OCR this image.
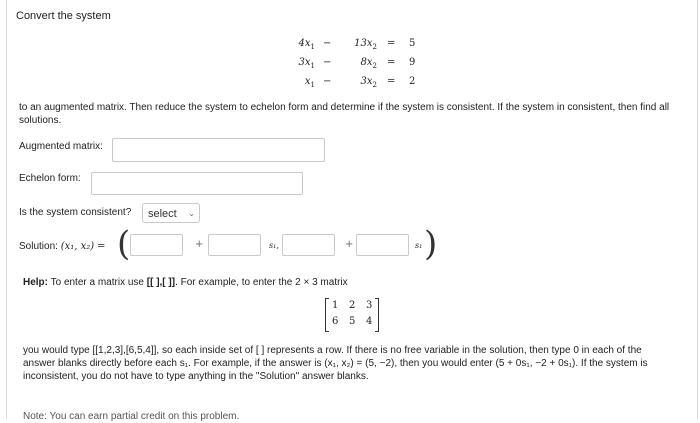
Convert the system
$4x_1 - 13x_2 = 5$
$3x_1$ −	$8x_2 = 9$
$x_1$ −	$3x_2 = 2$
to an augmented matrix. Then reduce the system to echelon form and determine if the system is consistent. If the system in consistent, then find all solutions.
Augmented matrix:
Echelon form:
Is the system consistent?	select ⌄
Solution: (x₁, x₂) = (	+	s₁,	+	s₁ )
Help: To enter a matrix use [[ ],[ ]]. For example, to enter the 2 × 3 matrix
1 2 3
6 5 4
you would type [[1,2,3],[6,5,4]], so each inside set of [ ] represents a row. If there is no free variable in the solution, then type 0 in each of the answer blanks directly before each s₁. For example, if the answer is (x₁, x₂) = (5, −2), then you would enter (5 + 0s₁, −2 + 0s₁). If the system is inconsistent, you do not have to type anything in the "Solution" answer blanks.
Note: You can earn partial credit on this problem.
